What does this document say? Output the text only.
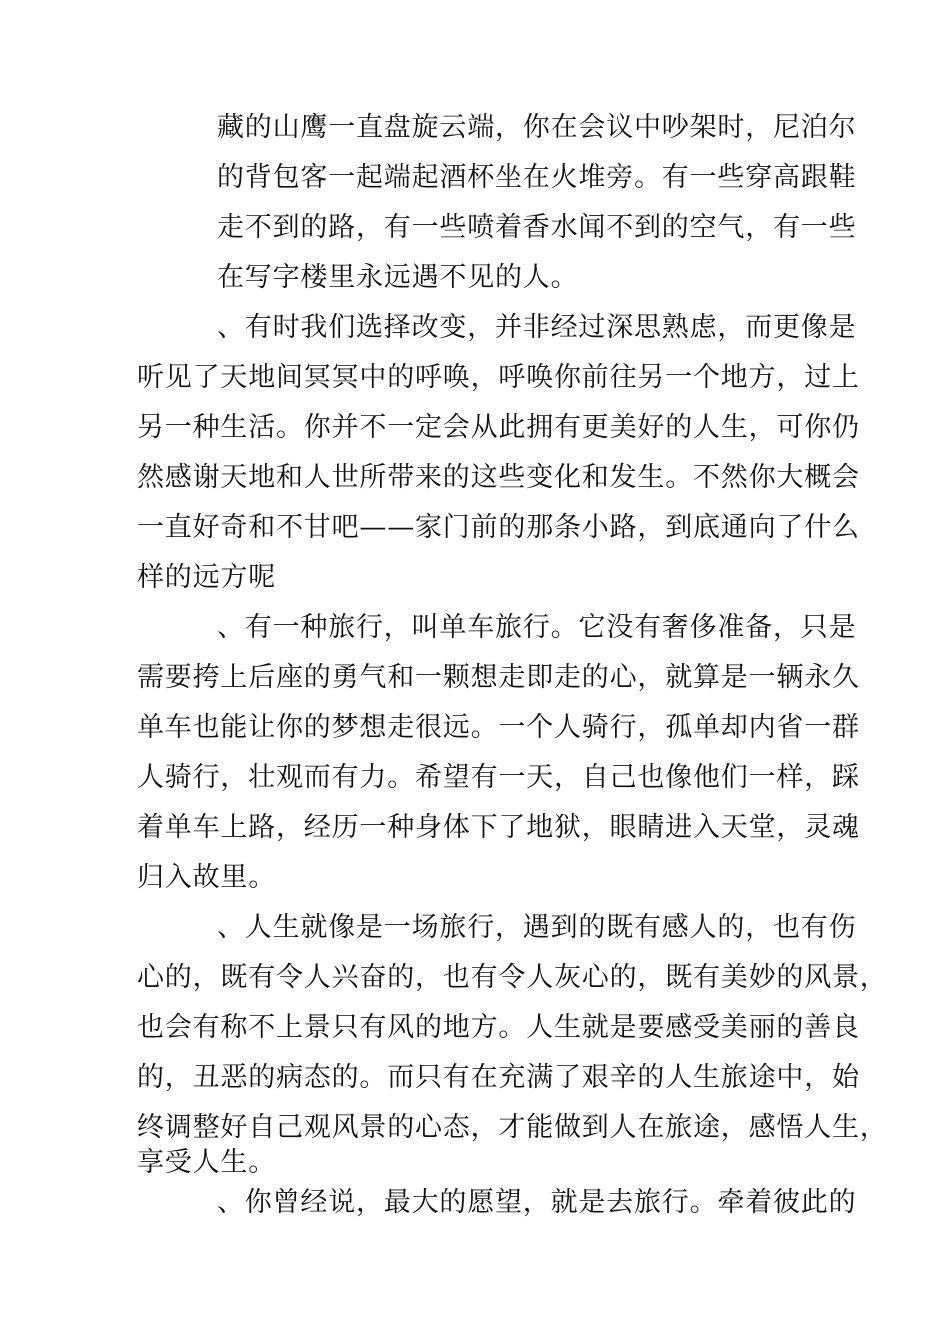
藏的山鹰一直盘旋云端，你在会议中吵架时，尼泊尔
的背包客一起端起酒杯坐在火堆旁。有一些穿高跟鞋
走不到的路，有一些喷着香水闻不到的空气，有一些
在写字楼里永远遇不见的人。
、有时我们选择改变，并非经过深思熟虑，而更像是
听见了天地间冥冥中的呼唤，呼唤你前往另一个地方，过上
另一种生活。你并不一定会从此拥有更美好的人生，可你仍
然感谢天地和人世所带来的这些变化和发生。不然你大概会
一直好奇和不甘吧——家门前的那条小路，到底通向了什么
样的远方呢
、有一种旅行，叫单车旅行。它没有奢侈准备，只是
需要挎上后座的勇气和一颗想走即走的心，就算是一辆永久
单车也能让你的梦想走很远。一个人骑行，孤单却内省一群
人骑行，壮观而有力。希望有一天，自己也像他们一样，踩
着单车上路，经历一种身体下了地狱，眼睛进入天堂，灵魂
归入故里。
、人生就像是一场旅行，遇到的既有感人的，也有伤
心的，既有令人兴奋的，也有令人灰心的，既有美妙的风景，
也会有称不上景只有风的地方。人生就是要感受美丽的善良
的，丑恶的病态的。而只有在充满了艰辛的人生旅途中，始
终调整好自己观风景的心态，才能做到人在旅途，感悟人生，
享受人生。
、你曾经说，最大的愿望，就是去旅行。牵着彼此的
